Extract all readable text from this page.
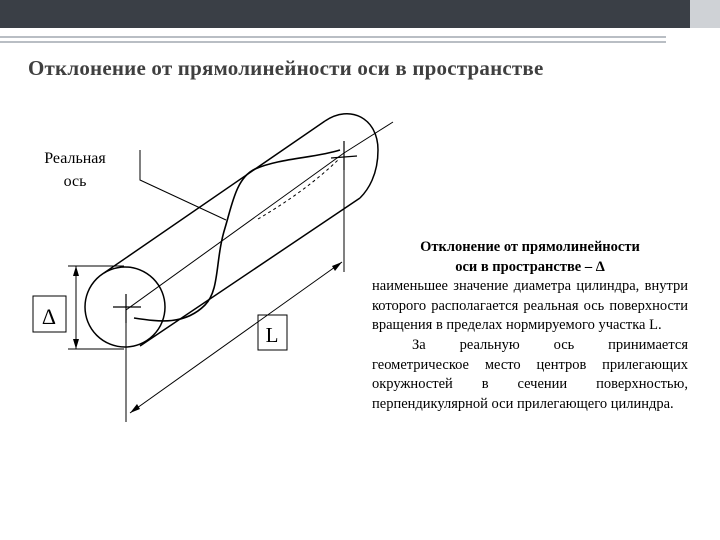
Отклонение от прямолинейности оси в пространстве
Δ
L
Реальная
ось
Отклонение от прямолинейности
оси в пространстве – Δ
наименьшее значение диаметра цилиндра, внутри которого располагается реальная ось поверхности вращения в пределах нормируемого участка L.
За реальную ось принимается геометрическое место центров прилегающих окружностей в сечении поверхностью, перпендикулярной оси прилегающего цилиндра.
